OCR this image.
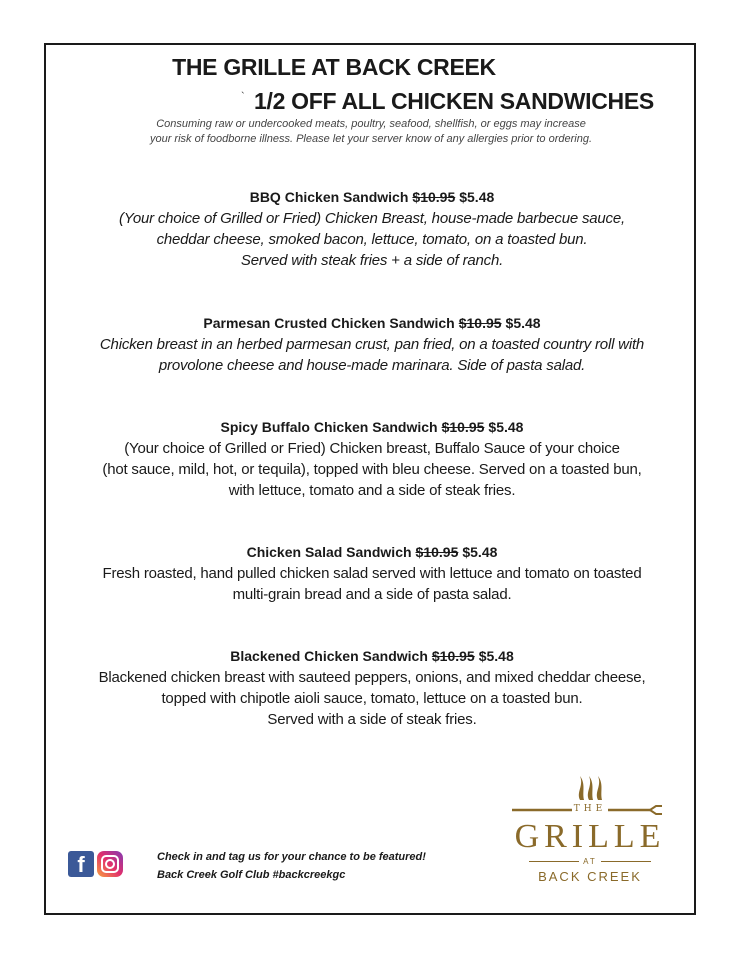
THE GRILLE AT BACK CREEK
` 1/2 OFF ALL CHICKEN SANDWICHES
Consuming raw or undercooked meats, poultry, seafood, shellfish, or eggs may increase
your risk of foodborne illness. Please let your server know of any allergies prior to ordering.
BBQ Chicken Sandwich $10.95 $5.48
(Your choice of Grilled or Fried) Chicken Breast, house-made barbecue sauce,
cheddar cheese, smoked bacon, lettuce, tomato, on a toasted bun.
Served with steak fries + a side of ranch.
Parmesan Crusted Chicken Sandwich $10.95 $5.48
Chicken breast in an herbed parmesan crust, pan fried, on a toasted country roll with
provolone cheese and house-made marinara. Side of pasta salad.
Spicy Buffalo Chicken Sandwich $10.95 $5.48
(Your choice of Grilled or Fried) Chicken breast, Buffalo Sauce of your choice
(hot sauce, mild, hot, or tequila), topped with bleu cheese. Served on a toasted bun,
with lettuce, tomato and a side of steak fries.
Chicken Salad Sandwich $10.95 $5.48
Fresh roasted, hand pulled chicken salad served with lettuce and tomato on toasted
multi-grain bread and a side of pasta salad.
Blackened Chicken Sandwich $10.95 $5.48
Blackened chicken breast with sauteed peppers, onions, and mixed cheddar cheese,
topped with chipotle aioli sauce, tomato, lettuce on a toasted bun.
Served with a side of steak fries.
f	Check in and tag us for your chance to be featured!
Back Creek Golf Club #backcreekgc
THE
GRILLE
AT
BACK CREEK
